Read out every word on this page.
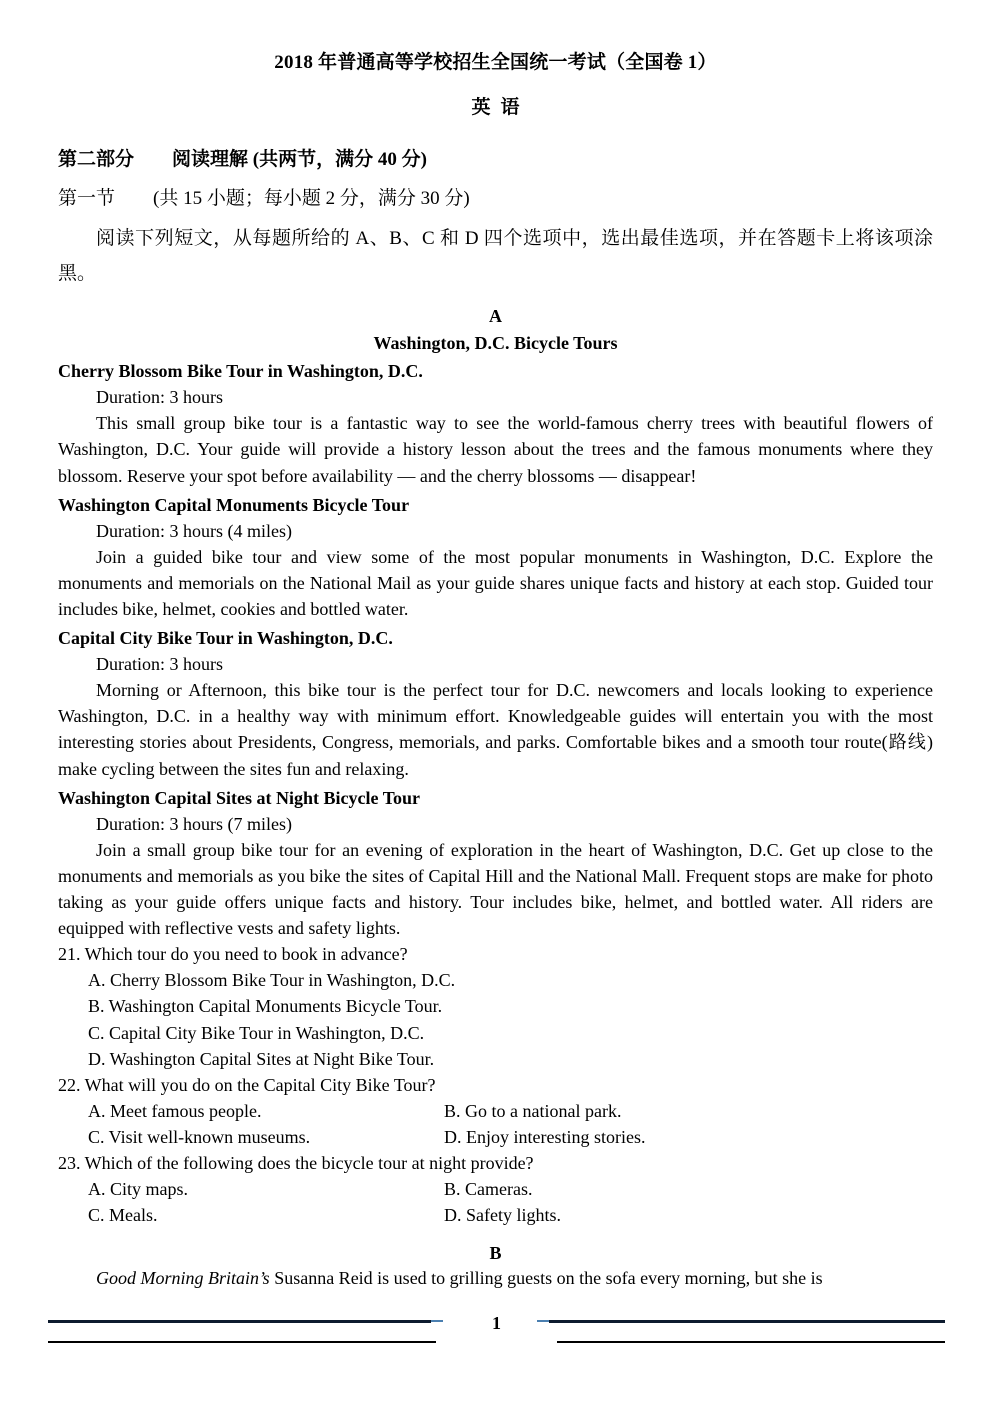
2018 年普通高等学校招生全国统一考试（全国卷 1）
英 语
第二部分　　阅读理解 (共两节，满分 40 分)
第一节　　(共 15 小题；每小题 2 分，满分 30 分)
阅读下列短文，从每题所给的 A、B、C 和 D 四个选项中，选出最佳选项，并在答题卡上将该项涂黑。
A
Washington, D.C. Bicycle Tours
Cherry Blossom Bike Tour in Washington, D.C.
Duration: 3 hours

This small group bike tour is a fantastic way to see the world-famous cherry trees with beautiful flowers of Washington, D.C. Your guide will provide a history lesson about the trees and the famous monuments where they blossom. Reserve your spot before availability — and the cherry blossoms — disappear!

Washington Capital Monuments Bicycle Tour
Duration: 3 hours (4 miles)

Join a guided bike tour and view some of the most popular monuments in Washington, D.C. Explore the monuments and memorials on the National Mail as your guide shares unique facts and history at each stop. Guided tour includes bike, helmet, cookies and bottled water.

Capital City Bike Tour in Washington, D.C.
Duration: 3 hours

Morning or Afternoon, this bike tour is the perfect tour for D.C. newcomers and locals looking to experience Washington, D.C. in a healthy way with minimum effort. Knowledgeable guides will entertain you with the most interesting stories about Presidents, Congress, memorials, and parks. Comfortable bikes and a smooth tour route(路线) make cycling between the sites fun and relaxing.

Washington Capital Sites at Night Bicycle Tour
Duration: 3 hours (7 miles)

Join a small group bike tour for an evening of exploration in the heart of Washington, D.C. Get up close to the monuments and memorials as you bike the sites of Capital Hill and the National Mall. Frequent stops are make for photo taking as your guide offers unique facts and history. Tour includes bike, helmet, and bottled water. All riders are equipped with reflective vests and safety lights.

21. Which tour do you need to book in advance?
A. Cherry Blossom Bike Tour in Washington, D.C.
B. Washington Capital Monuments Bicycle Tour.
C. Capital City Bike Tour in Washington, D.C.
D. Washington Capital Sites at Night Bike Tour.
22. What will you do on the Capital City Bike Tour?
A. Meet famous people.	B. Go to a national park.
C. Visit well-known museums.	D. Enjoy interesting stories.
23. Which of the following does the bicycle tour at night provide?
A. City maps.	B. Cameras.
C. Meals.	D. Safety lights.
B

Good Morning Britain’s Susanna Reid is used to grilling guests on the sofa every morning, but she is

1
